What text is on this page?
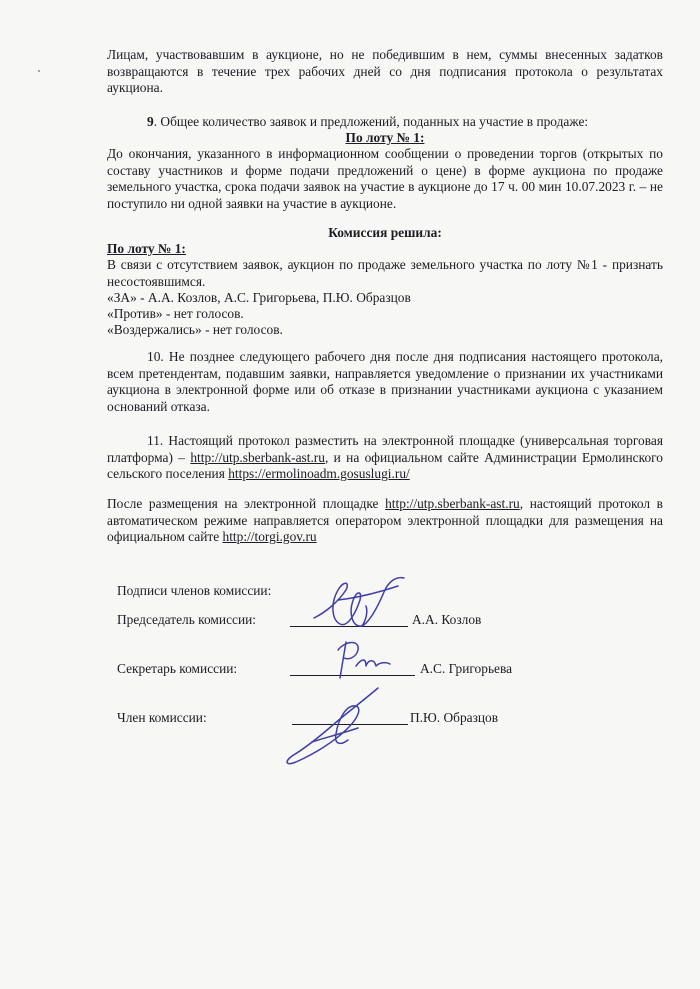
Лицам, участвовавшим в аукционе, но не победившим в нем, суммы внесенных задатков возвращаются в течение трех рабочих дней со дня подписания протокола о результатах аукциона.
9. Общее количество заявок и предложений, поданных на участие в продаже:
По лоту № 1:
До окончания, указанного в информационном сообщении о проведении торгов (открытых по составу участников и форме подачи предложений о цене) в форме аукциона по продаже земельного участка, срока подачи заявок на участие в аукционе до 17 ч. 00 мин 10.07.2023 г. – не поступило ни одной заявки на участие в аукционе.
Комиссия решила:
По лоту № 1:
В связи с отсутствием заявок, аукцион по продаже земельного участка по лоту №1 - признать несостоявшимся.
«ЗА» - А.А. Козлов, А.С. Григорьева, П.Ю. Образцов
«Против» - нет голосов.
«Воздержались» - нет голосов.
10. Не позднее следующего рабочего дня после дня подписания настоящего протокола, всем претендентам, подавшим заявки, направляется уведомление о признании их участниками аукциона в электронной форме или об отказе в признании участниками аукциона с указанием оснований отказа.
11. Настоящий протокол разместить на электронной площадке (универсальная торговая платформа) – http://utp.sberbank-ast.ru, и на официальном сайте Администрации Ермолинского сельского поселения https://ermolinoadm.gosuslugi.ru/
После размещения на электронной площадке http://utp.sberbank-ast.ru, настоящий протокол в автоматическом режиме направляется оператором электронной площадки для размещения на официальном сайте http://torgi.gov.ru
Подписи членов комиссии:
Председатель комиссии:	А.А. Козлов
Секретарь комиссии:	А.С. Григорьева
Член комиссии:	П.Ю. Образцов
